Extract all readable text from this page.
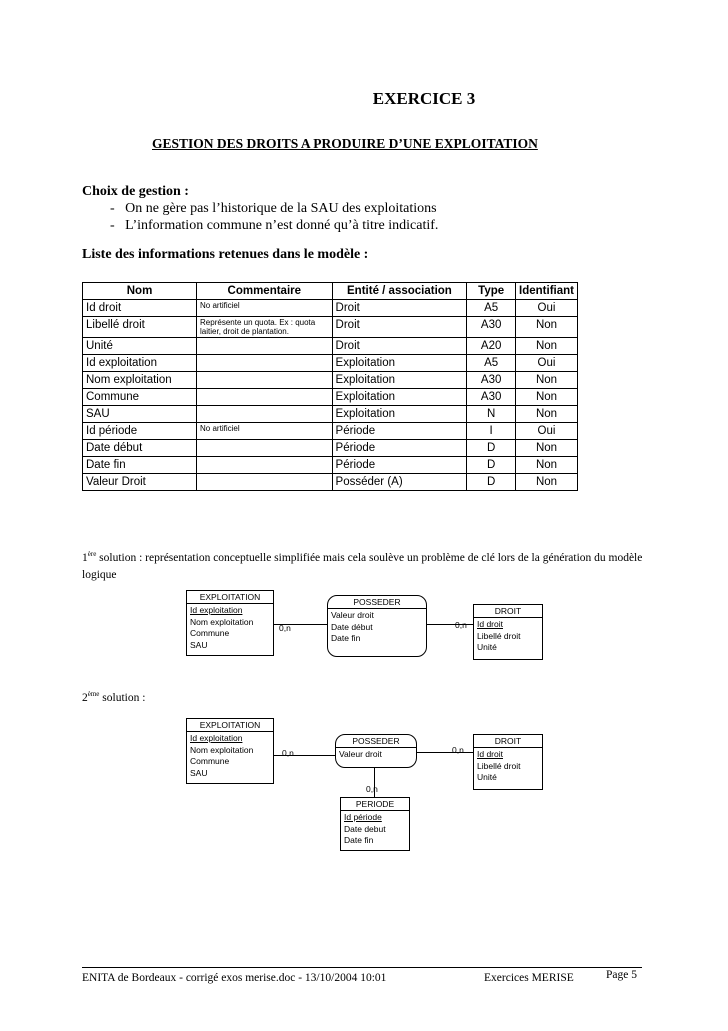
EXERCICE 3
GESTION DES DROITS A PRODUIRE D’UNE EXPLOITATION
Choix de gestion :
-   On ne gère pas l’historique de la SAU des exploitations
-   L’information commune n’est donné qu’à titre indicatif.
Liste des informations retenues dans le modèle :
Nom	Commentaire	Entité / association	Type	Identifiant
Id droit	No artificiel	Droit	A5	Oui
Libellé droit	Représente un quota. Ex : quota laitier, droit de plantation.	Droit	A30	Non
Unité		Droit	A20	Non
Id exploitation		Exploitation	A5	Oui
Nom exploitation		Exploitation	A30	Non
Commune		Exploitation	A30	Non
SAU		Exploitation	N	Non
Id période	No artificiel	Période	I	Oui
Date début		Période	D	Non
Date fin		Période	D	Non
Valeur Droit		Posséder (A)	D	Non
1ère solution : représentation conceptuelle simplifiée mais cela soulève un problème de clé lors de la génération du modèle logique
EXPLOITATION
Id exploitation
Nom exploitation
Commune
SAU
POSSEDER
Valeur droit
Date début
Date fin
DROIT
Id droit
Libellé droit
Unité
0,n	0,n
2ème solution :
EXPLOITATION
Id exploitation
Nom exploitation
Commune
SAU
POSSEDER
Valeur droit
DROIT
Id droit
Libellé droit
Unité
PERIODE
Id période
Date debut
Date fin
0,n	0,n
0,n
ENITA de Bordeaux - corrigé exos merise.doc - 13/10/2004 10:01	Exercices MERISE	Page 5
